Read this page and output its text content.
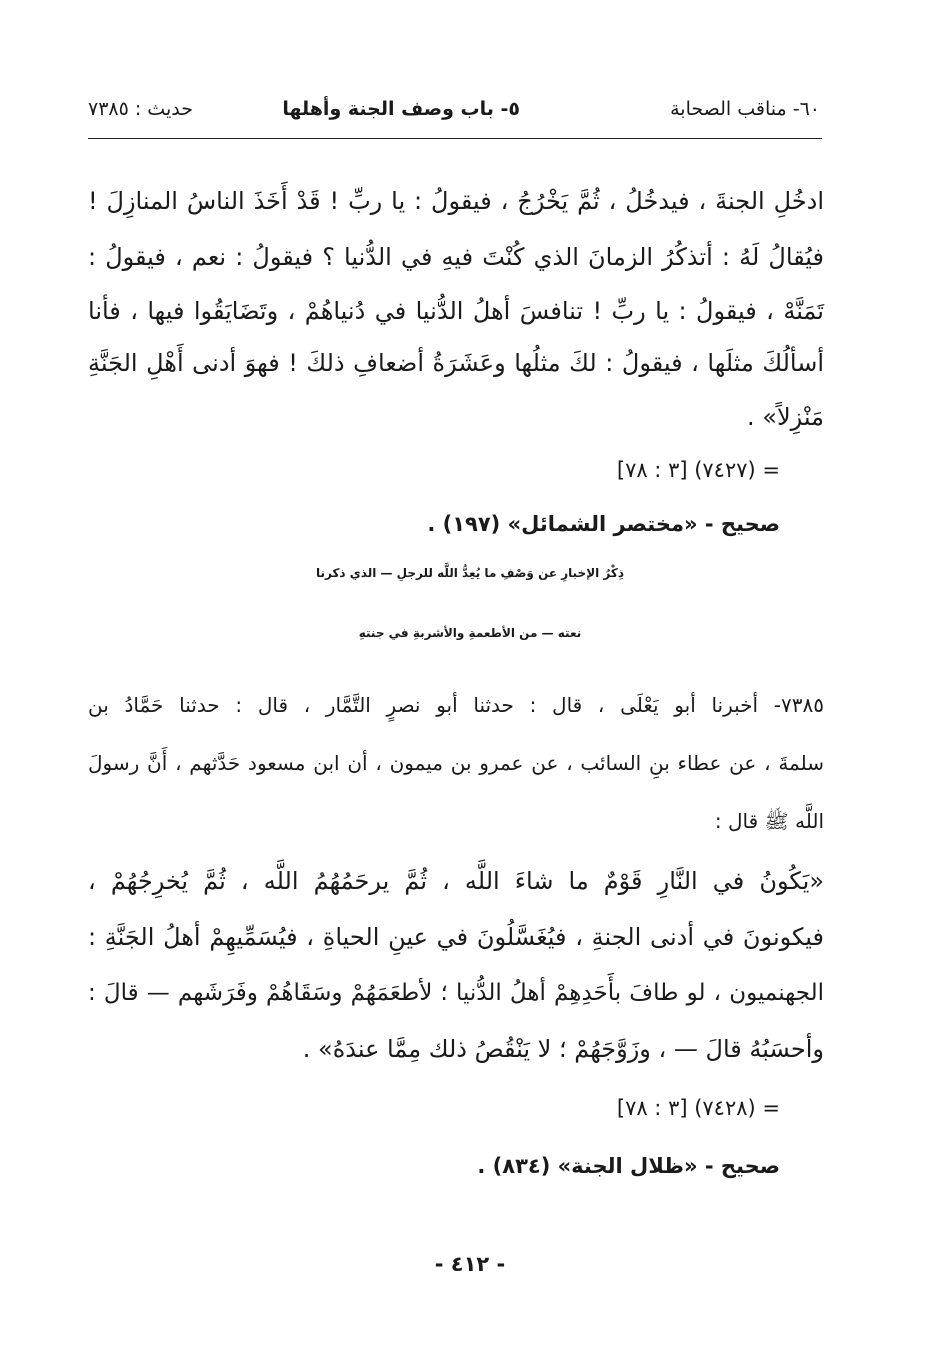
٦٠- مناقب الصحابة
٥- باب وصف الجنة وأهلها
حديث : ٧٣٨٥
ادخُلِ الجنةَ ، فيدخُلُ ، ثُمَّ يَخْرُجُ ، فيقولُ : يا ربِّ ! قَدْ أَخَذَ الناسُ المنازِلَ !
فيُقالُ لَهُ : أتذكُرُ الزمانَ الذي كُنْتَ فيهِ في الدُّنيا ؟ فيقولُ : نعم ، فيقولُ :
تَمَنَّهْ ، فيقولُ : يا ربِّ ! تنافسَ أهلُ الدُّنيا في دُنياهُمْ ، وتَضَايَقُوا فيها ، فأنا
أسألُكَ مثلَها ، فيقولُ : لكَ مثلُها وعَشَرَةُ أضعافِ ذلكَ ! فهوَ أدنى أَهْلِ الجَنَّةِ
مَنْزِلاً» .
= (٧٤٢٧) [٣ : ٧٨]
صحيح - «مختصر الشمائل» (١٩٧) .
ذِكْرُ الإخبارِ عن وَصْفِ ما يُعِدُّ اللَّه للرجلِ — الذي ذكرنا
نعته — من الأطعمةِ والأشربةِ في جنتهِ
٧٣٨٥- أخبرنا أبو يَعْلَى ، قال : حدثنا أبو نصرٍ التَّمَّار ، قال : حدثنا حَمَّادُ بن
سلمةَ ، عن عطاء بنِ السائب ، عن عمرو بن ميمون ، أن ابن مسعود حَدَّثهم ، أَنَّ رسولَ
اللَّه ﷺ قال :
«يَكُونُ في النَّارِ قَوْمٌ ما شاءَ اللَّه ، ثُمَّ يرحَمُهُمُ اللَّه ، ثُمَّ يُخرِجُهُمْ ،
فيكونونَ في أدنى الجنةِ ، فيُغَسَّلُونَ في عينِ الحياةِ ، فيُسَمِّيهِمْ أهلُ الجَنَّةِ :
الجهنميون ، لو طافَ بأَحَدِهِمْ أهلُ الدُّنيا ؛ لأطعَمَهُمْ وسَقَاهُمْ وفَرَشَهم — قالَ :
وأحسَبُهُ قالَ — ، وزَوَّجَهُمْ ؛ لا يَنْقُصُ ذلك مِمَّا عندَهُ» .
= (٧٤٢٨) [٣ : ٧٨]
صحيح - «ظلال الجنة» (٨٣٤) .
- ٤١٢ -
